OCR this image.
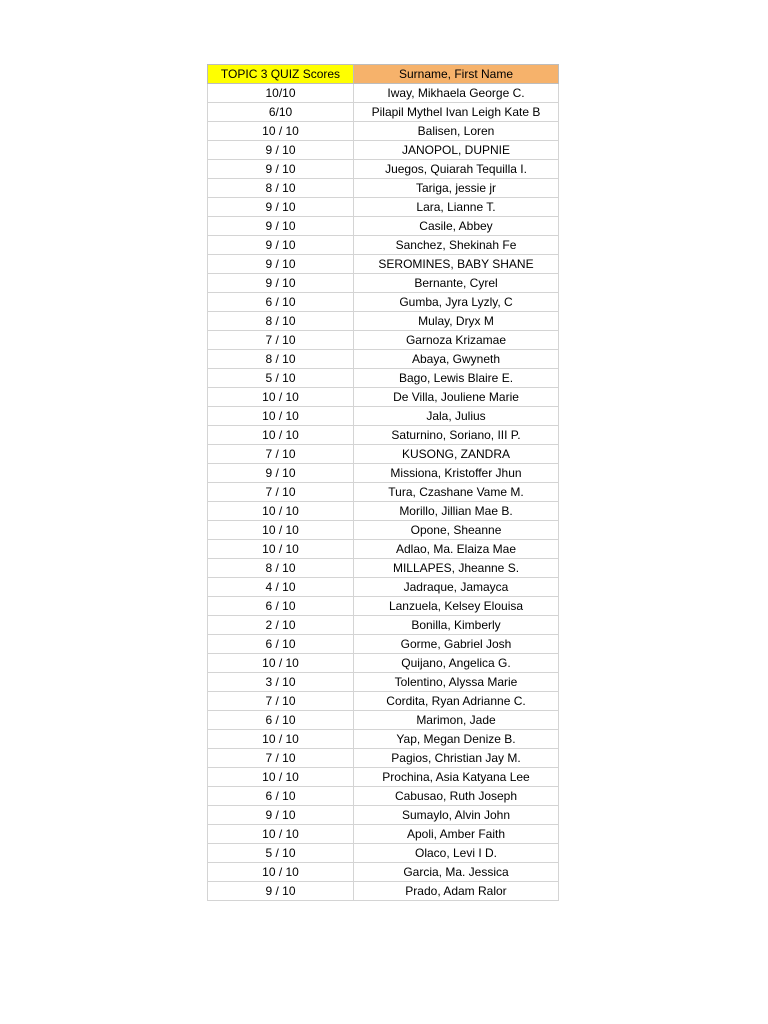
TOPIC 3 QUIZ Scores	Surname, First Name
10/10	Iway, Mikhaela George C.
6/10	Pilapil Mythel Ivan Leigh Kate B
10 / 10	Balisen, Loren
9 / 10	JANOPOL, DUPNIE
9 / 10	Juegos, Quiarah Tequilla I.
8 / 10	Tariga, jessie jr
9 / 10	Lara, Lianne T.
9 / 10	Casile, Abbey
9 / 10	Sanchez, Shekinah Fe
9 / 10	SEROMINES, BABY SHANE
9 / 10	Bernante, Cyrel
6 / 10	Gumba, Jyra Lyzly, C
8 / 10	Mulay, Dryx M
7 / 10	Garnoza Krizamae
8 / 10	Abaya, Gwyneth
5 / 10	Bago, Lewis Blaire E.
10 / 10	De Villa, Jouliene Marie
10 / 10	Jala, Julius
10 / 10	Saturnino, Soriano, III P.
7 / 10	KUSONG, ZANDRA
9 / 10	Missiona, Kristoffer Jhun
7 / 10	Tura, Czashane Vame M.
10 / 10	Morillo, Jillian Mae B.
10 / 10	Opone, Sheanne
10 / 10	Adlao, Ma. Elaiza Mae
8 / 10	MILLAPES, Jheanne S.
4 / 10	Jadraque, Jamayca
6 / 10	Lanzuela, Kelsey Elouisa
2 / 10	Bonilla, Kimberly
6 / 10	Gorme, Gabriel Josh
10 / 10	Quijano, Angelica G.
3 / 10	Tolentino, Alyssa Marie
7 / 10	Cordita, Ryan Adrianne C.
6 / 10	Marimon, Jade
10 / 10	Yap, Megan Denize B.
7 / 10	Pagios, Christian Jay M.
10 / 10	Prochina, Asia Katyana Lee
6 / 10	Cabusao, Ruth Joseph
9 / 10	Sumaylo, Alvin John
10 / 10	Apoli, Amber Faith
5 / 10	Olaco, Levi I D.
10 / 10	Garcia, Ma. Jessica
9 / 10	Prado, Adam Ralor
